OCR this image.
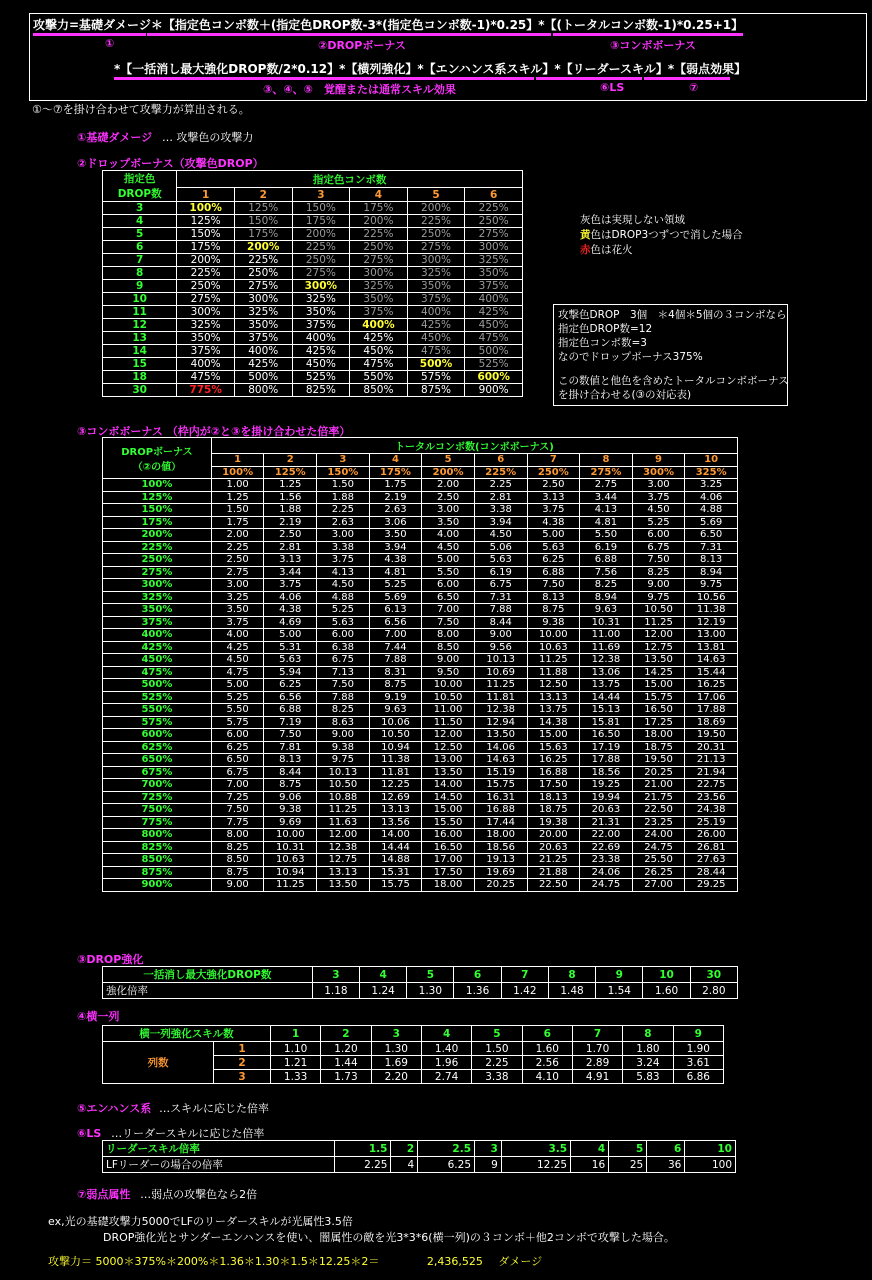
攻撃力=基礎ダメージ＊【指定色コンボ数＋(指定色DROP数-3*(指定色コンボ数-1)*0.25】*【(トータルコンボ数-1)*0.25+1】
①	②DROPボーナス	③コンボボーナス
*【一括消し最大強化DROP数/2*0.12】*【横列強化】*【エンハンス系スキル】*【リーダースキル】*【弱点効果】
③、④、⑤　覚醒または通常スキル効果	⑥LS	⑦
①～⑦を掛け合わせて攻撃力が算出される。
①基礎ダメージ … 攻撃色の攻撃力
②ドロップボーナス（攻撃色DROP）
指定色
DROP数	指定色コンボ数					
	1	2	3	4	5	6
3	100%	125%	150%	175%	200%	225%
4	125%	150%	175%	200%	225%	250%
5	150%	175%	200%	225%	250%	275%
6	175%	200%	225%	250%	275%	300%
7	200%	225%	250%	275%	300%	325%
8	225%	250%	275%	300%	325%	350%
9	250%	275%	300%	325%	350%	375%
10	275%	300%	325%	350%	375%	400%
11	300%	325%	350%	375%	400%	425%
12	325%	350%	375%	400%	425%	450%
13	350%	375%	400%	425%	450%	475%
14	375%	400%	425%	450%	475%	500%
15	400%	425%	450%	475%	500%	525%
18	475%	500%	525%	550%	575%	600%
30	775%	800%	825%	850%	875%	900%
灰色は実現しない領域
黄色はDROP3つずつで消した場合
赤色は花火
攻撃色DROP　3個　＊4個＊5個の３コンボなら
指定色DROP数=12
指定色コンボ数=3
なのでドロップボーナス375%
この数値と他色を含めたトータルコンボボーナス
を掛け合わせる(③の対応表)
③コンボボーナス （枠内が②と③を掛け合わせた倍率）
DROPボーナス
（②の値）	トータルコンボ数(コンボボーナス)									
	1	2	3	4	5	6	7	8	9	10
	100%	125%	150%	175%	200%	225%	250%	275%	300%	325%
100%	1.00	1.25	1.50	1.75	2.00	2.25	2.50	2.75	3.00	3.25
125%	1.25	1.56	1.88	2.19	2.50	2.81	3.13	3.44	3.75	4.06
150%	1.50	1.88	2.25	2.63	3.00	3.38	3.75	4.13	4.50	4.88
175%	1.75	2.19	2.63	3.06	3.50	3.94	4.38	4.81	5.25	5.69
200%	2.00	2.50	3.00	3.50	4.00	4.50	5.00	5.50	6.00	6.50
225%	2.25	2.81	3.38	3.94	4.50	5.06	5.63	6.19	6.75	7.31
250%	2.50	3.13	3.75	4.38	5.00	5.63	6.25	6.88	7.50	8.13
275%	2.75	3.44	4.13	4.81	5.50	6.19	6.88	7.56	8.25	8.94
300%	3.00	3.75	4.50	5.25	6.00	6.75	7.50	8.25	9.00	9.75
325%	3.25	4.06	4.88	5.69	6.50	7.31	8.13	8.94	9.75	10.56
350%	3.50	4.38	5.25	6.13	7.00	7.88	8.75	9.63	10.50	11.38
375%	3.75	4.69	5.63	6.56	7.50	8.44	9.38	10.31	11.25	12.19
400%	4.00	5.00	6.00	7.00	8.00	9.00	10.00	11.00	12.00	13.00
425%	4.25	5.31	6.38	7.44	8.50	9.56	10.63	11.69	12.75	13.81
450%	4.50	5.63	6.75	7.88	9.00	10.13	11.25	12.38	13.50	14.63
475%	4.75	5.94	7.13	8.31	9.50	10.69	11.88	13.06	14.25	15.44
500%	5.00	6.25	7.50	8.75	10.00	11.25	12.50	13.75	15.00	16.25
525%	5.25	6.56	7.88	9.19	10.50	11.81	13.13	14.44	15.75	17.06
550%	5.50	6.88	8.25	9.63	11.00	12.38	13.75	15.13	16.50	17.88
575%	5.75	7.19	8.63	10.06	11.50	12.94	14.38	15.81	17.25	18.69
600%	6.00	7.50	9.00	10.50	12.00	13.50	15.00	16.50	18.00	19.50
625%	6.25	7.81	9.38	10.94	12.50	14.06	15.63	17.19	18.75	20.31
650%	6.50	8.13	9.75	11.38	13.00	14.63	16.25	17.88	19.50	21.13
675%	6.75	8.44	10.13	11.81	13.50	15.19	16.88	18.56	20.25	21.94
700%	7.00	8.75	10.50	12.25	14.00	15.75	17.50	19.25	21.00	22.75
725%	7.25	9.06	10.88	12.69	14.50	16.31	18.13	19.94	21.75	23.56
750%	7.50	9.38	11.25	13.13	15.00	16.88	18.75	20.63	22.50	24.38
775%	7.75	9.69	11.63	13.56	15.50	17.44	19.38	21.31	23.25	25.19
800%	8.00	10.00	12.00	14.00	16.00	18.00	20.00	22.00	24.00	26.00
825%	8.25	10.31	12.38	14.44	16.50	18.56	20.63	22.69	24.75	26.81
850%	8.50	10.63	12.75	14.88	17.00	19.13	21.25	23.38	25.50	27.63
875%	8.75	10.94	13.13	15.31	17.50	19.69	21.88	24.06	26.25	28.44
900%	9.00	11.25	13.50	15.75	18.00	20.25	22.50	24.75	27.00	29.25
③DROP強化
一括消し最大強化DROP数	3	4	5	6	7	8	9	10	30
強化倍率	1.18	1.24	1.30	1.36	1.42	1.48	1.54	1.60	2.80
④横一列
横一列強化スキル数		1	2	3	4	5	6	7	8	9
列数	1	1.10	1.20	1.30	1.40	1.50	1.60	1.70	1.80	1.90
	2	1.21	1.44	1.69	1.96	2.25	2.56	2.89	3.24	3.61
	3	1.33	1.73	2.20	2.74	3.38	4.10	4.91	5.83	6.86
⑤エンハンス系 …スキルに応じた倍率
⑥LS …リーダースキルに応じた倍率
リーダースキル倍率	1.5	2	2.5	3	3.5	4	5	6	10
LFリーダーの場合の倍率	2.25	4	6.25	9	12.25	16	25	36	100
⑦弱点属性 …弱点の攻撃色なら2倍
ex,光の基礎攻撃力5000でLFのリーダースキルが光属性3.5倍
DROP強化光とサンダーエンハンスを使い、闇属性の敵を光3*3*6(横一列)の３コンボ＋他2コンボで攻撃した場合。
攻撃力＝ 5000＊375%＊200%＊1.36＊1.30＊1.5＊12.25＊2＝	2,436,525 ダメージ
